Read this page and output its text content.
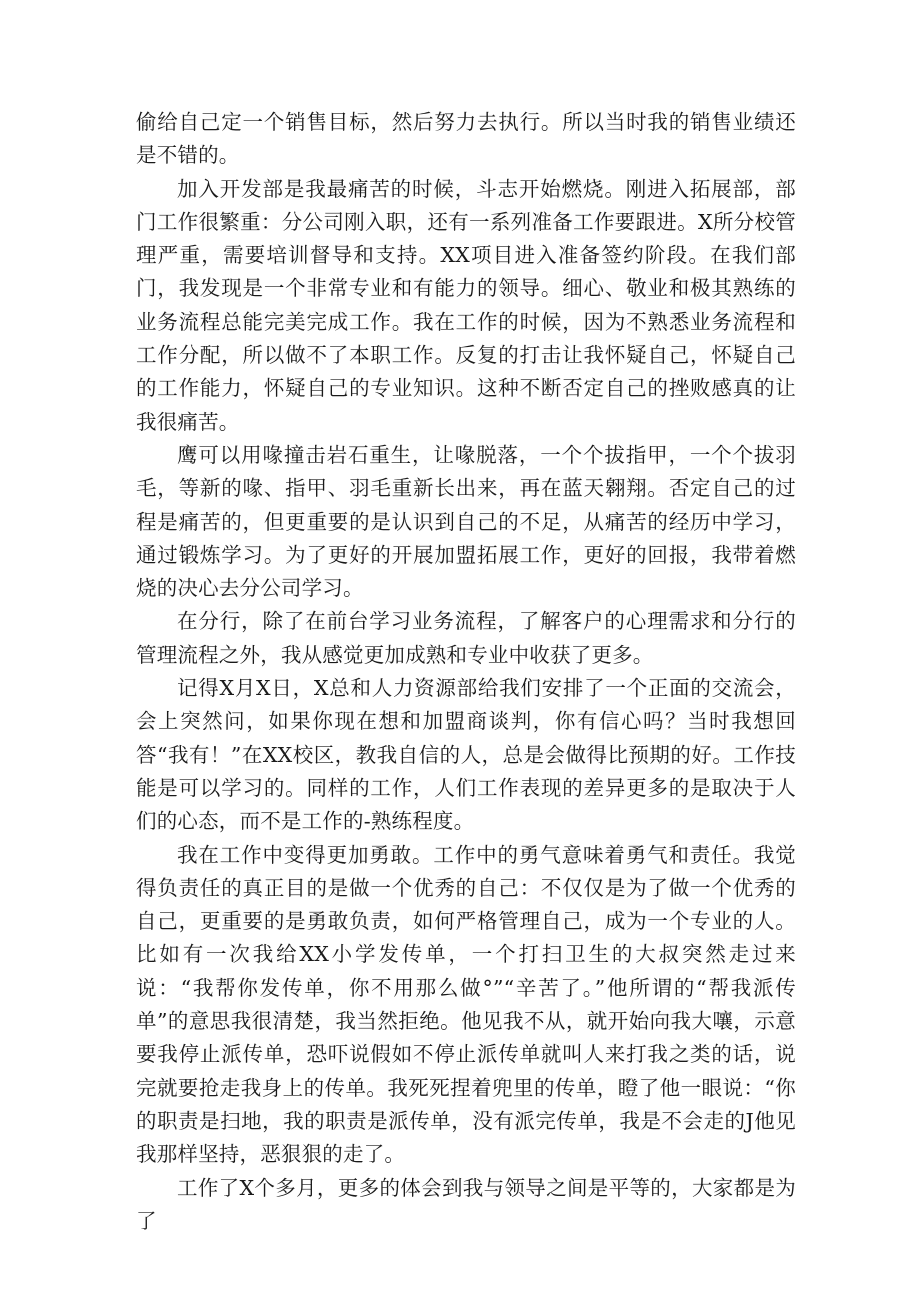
偷给自己定一个销售目标，然后努力去执行。所以当时我的销售业绩还是不错的。

加入开发部是我最痛苦的时候，斗志开始燃烧。刚进入拓展部，部门工作很繁重：分公司刚入职，还有一系列准备工作要跟进。X所分校管理严重，需要培训督导和支持。XX项目进入准备签约阶段。在我们部门，我发现是一个非常专业和有能力的领导。细心、敬业和极其熟练的业务流程总能完美完成工作。我在工作的时候，因为不熟悉业务流程和工作分配，所以做不了本职工作。反复的打击让我怀疑自己，怀疑自己的工作能力，怀疑自己的专业知识。这种不断否定自己的挫败感真的让我很痛苦。

鹰可以用喙撞击岩石重生，让喙脱落，一个个拔指甲，一个个拔羽毛，等新的喙、指甲、羽毛重新长出来，再在蓝天翱翔。否定自己的过程是痛苦的，但更重要的是认识到自己的不足，从痛苦的经历中学习，通过锻炼学习。为了更好的开展加盟拓展工作，更好的回报，我带着燃烧的决心去分公司学习。

在分行，除了在前台学习业务流程，了解客户的心理需求和分行的管理流程之外，我从感觉更加成熟和专业中收获了更多。

记得X月X日，X总和人力资源部给我们安排了一个正面的交流会，会上突然问，如果你现在想和加盟商谈判，你有信心吗？当时我想回答“我有！”在XX校区，教我自信的人，总是会做得比预期的好。工作技能是可以学习的。同样的工作，人们工作表现的差异更多的是取决于人们的心态，而不是工作的-熟练程度。

我在工作中变得更加勇敢。工作中的勇气意味着勇气和责任。我觉得负责任的真正目的是做一个优秀的自己：不仅仅是为了做一个优秀的自己，更重要的是勇敢负责，如何严格管理自己，成为一个专业的人。比如有一次我给XX小学发传单，一个打扫卫生的大叔突然走过来说：“我帮你发传单，你不用那么做°”“辛苦了。”他所谓的“帮我派传单”的意思我很清楚，我当然拒绝。他见我不从，就开始向我大嚷，示意要我停止派传单，恐吓说假如不停止派传单就叫人来打我之类的话，说完就要抢走我身上的传单。我死死捏着兜里的传单，瞪了他一眼说：“你的职责是扫地，我的职责是派传单，没有派完传单，我是不会走的J他见我那样坚持，恶狠狠的走了。

工作了X个多月，更多的体会到我与领导之间是平等的，大家都是为了
